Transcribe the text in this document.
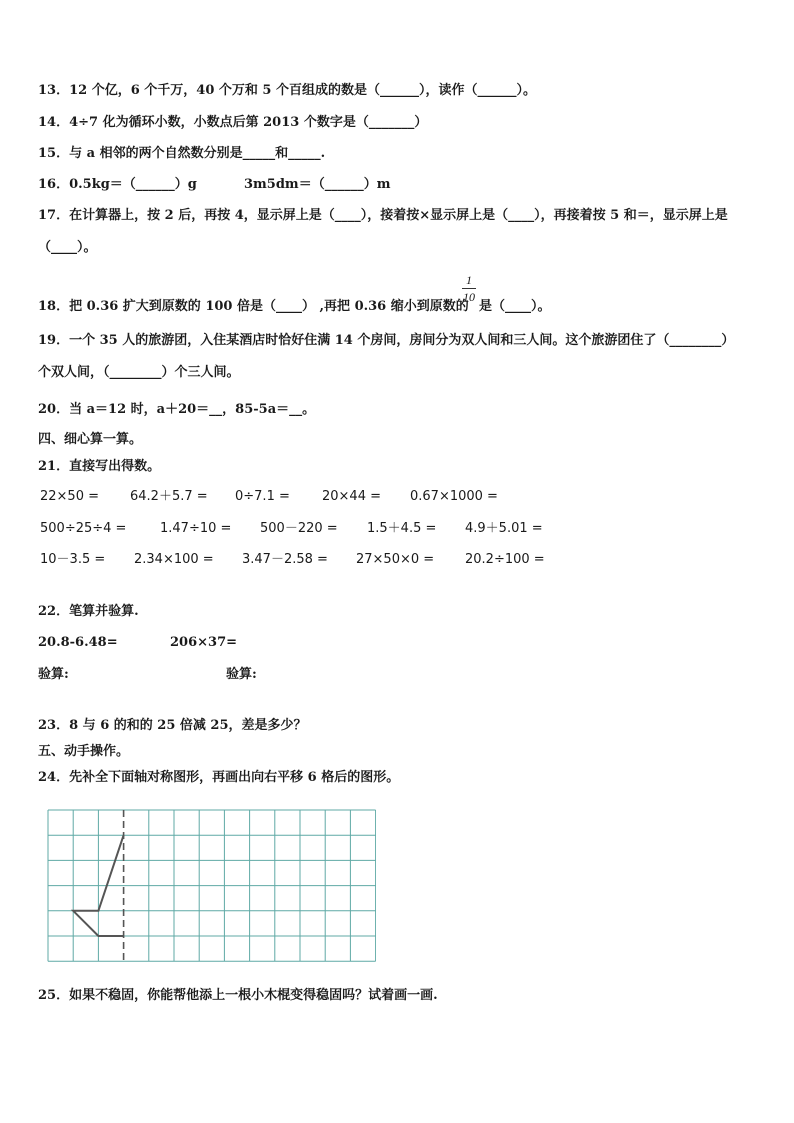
13．12 个亿，6 个千万，40 个万和 5 个百组成的数是（______），读作（______）。
14．4÷7 化为循环小数，小数点后第 2013 个数字是（_______）
15．与 a 相邻的两个自然数分别是_____和_____.
16．0.5kg＝（______）g	3m5dm＝（______）m
17．在计算器上，按 2 后，再按 4，显示屏上是（____），接着按×显示屏上是（____），再接着按 5 和＝，显示屏上是
（____）。
18．把 0.36 扩大到原数的 100 倍是（____） ,再把 0.36 缩小到原数的
1
10
是（____）。
19．一个 35 人的旅游团，入住某酒店时恰好住满 14 个房间，房间分为双人间和三人间。这个旅游团住了（________）
个双人间，（________）个三人间。
20．当 a＝12 时，a＋20＝__，85-5a＝__。
四、细心算一算。
21．直接写出得数。
22×50 = 64.2＋5.7 = 0÷7.1 = 20×44 = 0.67×1000 =
500÷25÷4 =	1.47÷10 = 500－220 = 1.5＋4.5 = 4.9＋5.01 =
10－3.5 = 2.34×100 = 3.47－2.58 = 27×50×0 = 20.2÷100 =
22．笔算并验算.
20.8-6.48=	206×37=
验算:	验算:
23．8 与 6 的和的 25 倍减 25，差是多少？
五、动手操作。
24．先补全下面轴对称图形，再画出向右平移 6 格后的图形。
25．如果不稳固，你能帮他添上一根小木棍变得稳固吗？试着画一画.
